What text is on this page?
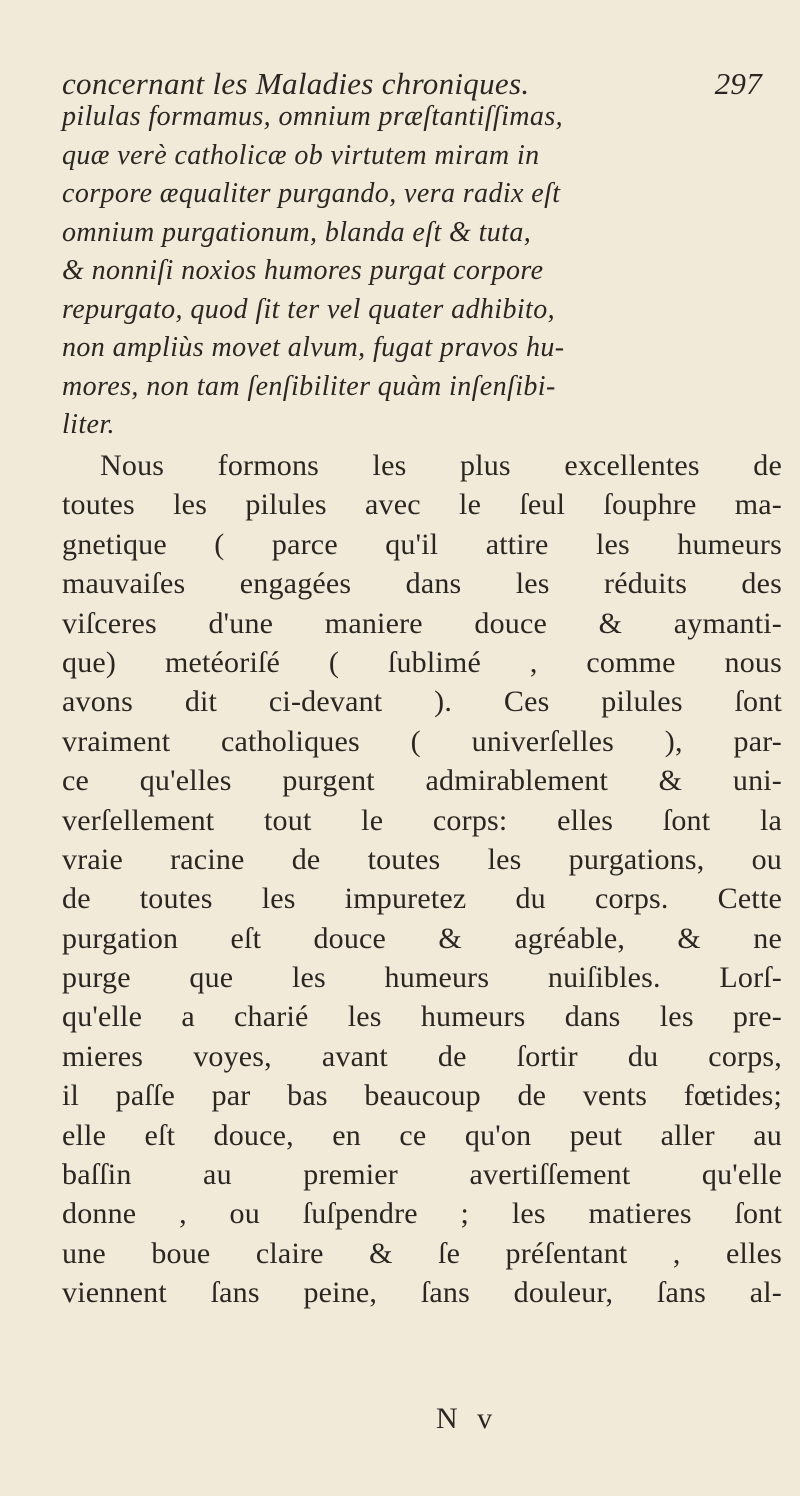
concernant les Maladies chroniques.	297
pilulas formamus, omnium præſtantiſſimas,
quæ verè catholicæ ob virtutem miram in
corpore æqualiter purgando, vera radix eſt
omnium purgationum, blanda eſt & tuta,
& nonniſi noxios humores purgat corpore
repurgato, quod ſit ter vel quater adhibito,
non ampliùs movet alvum, fugat pravos hu-
mores, non tam ſenſibiliter quàm inſenſibi-
liter.
Nous formons les plus excellentes de
toutes les pilules avec le ſeul ſouphre ma-
gnetique ( parce qu'il attire les humeurs
mauvaiſes engagées dans les réduits des
viſceres d'une maniere douce & aymanti-
que) metéoriſé ( ſublimé , comme nous
avons dit ci-devant ). Ces pilules ſont
vraiment catholiques ( univerſelles ), par-
ce qu'elles purgent admirablement & uni-
verſellement tout le corps: elles ſont la
vraie racine de toutes les purgations, ou
de toutes les impuretez du corps. Cette
purgation eſt douce & agréable, & ne
purge que les humeurs nuiſibles. Lorſ-
qu'elle a charié les humeurs dans les pre-
mieres voyes, avant de ſortir du corps,
il paſſe par bas beaucoup de vents fœtides;
elle eſt douce, en ce qu'on peut aller au
baſſin au premier avertiſſement qu'elle
donne , ou ſuſpendre ; les matieres ſont
une boue claire & ſe préſentant , elles
viennent ſans peine, ſans douleur, ſans al-
N v
